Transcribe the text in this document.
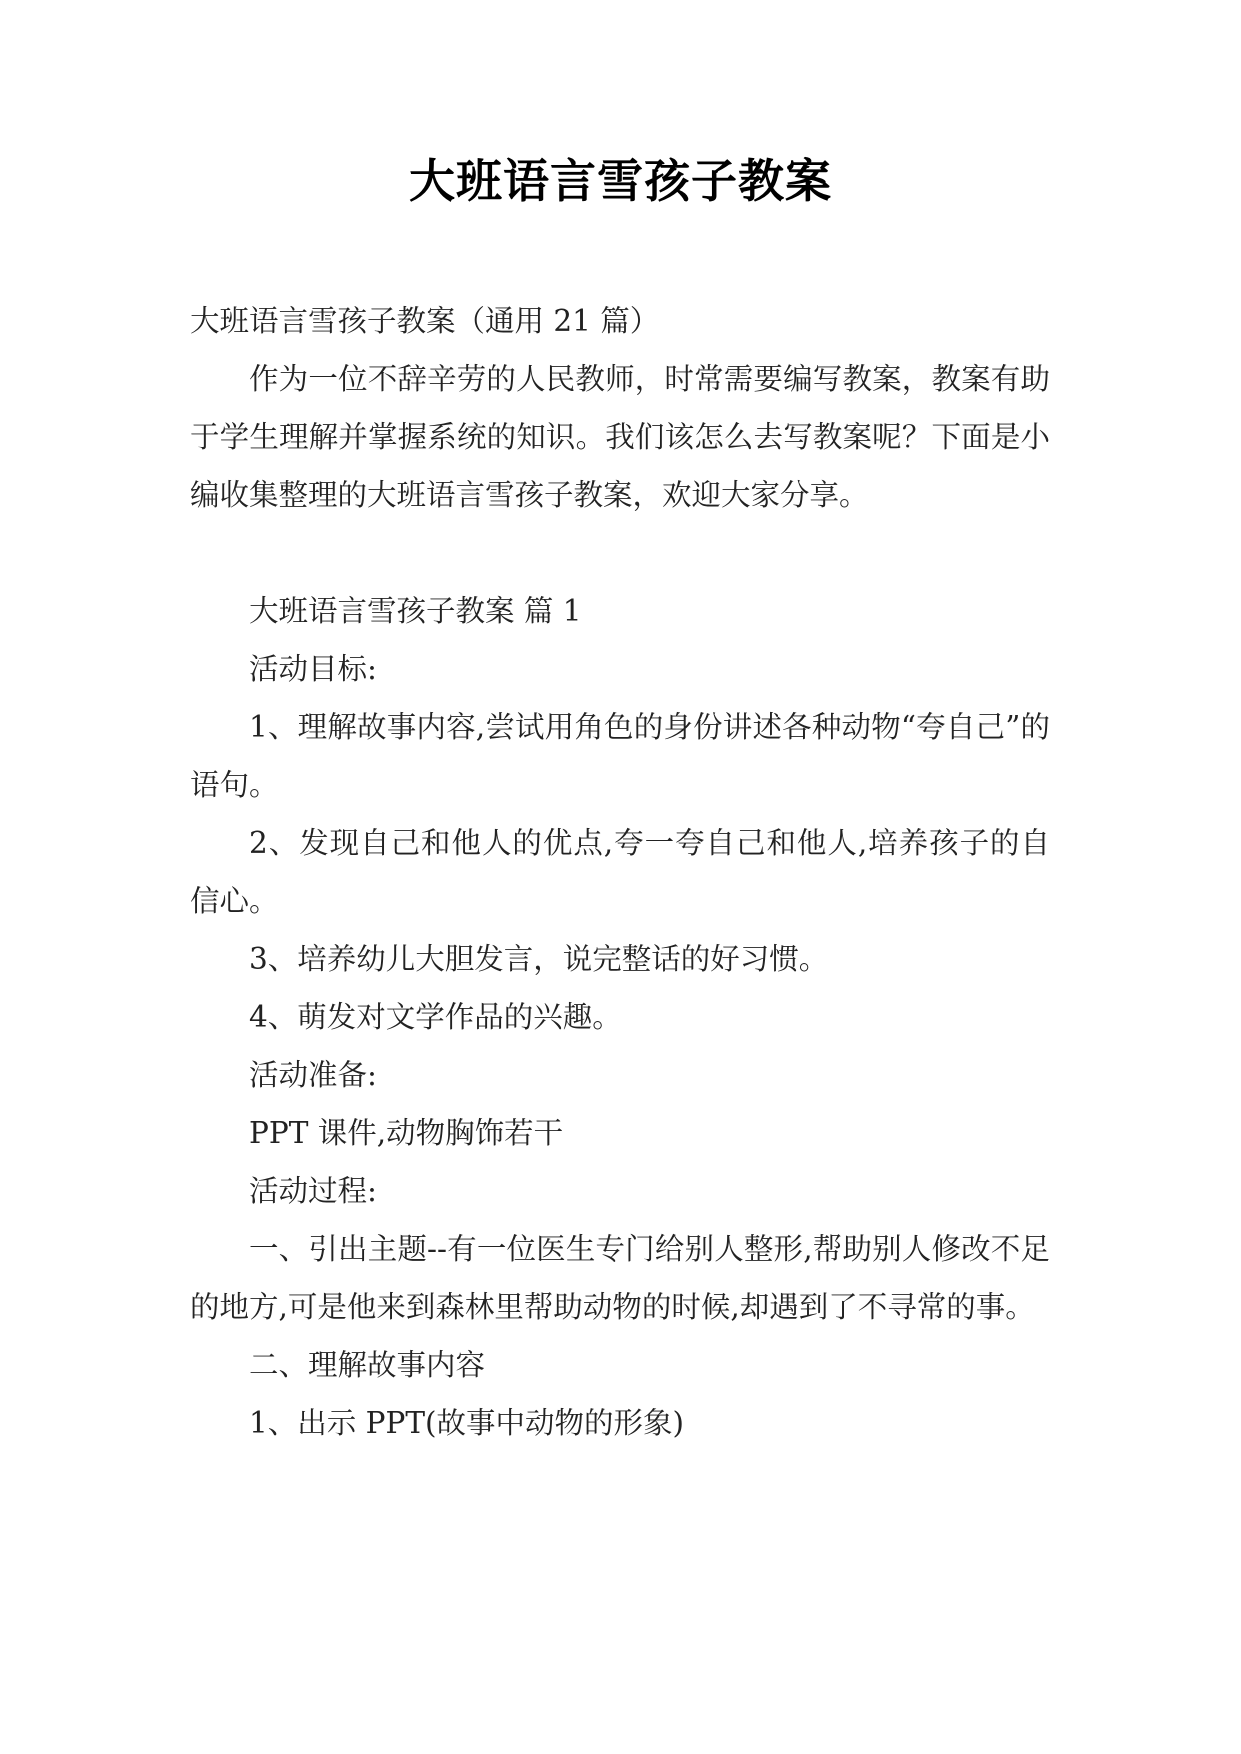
大班语言雪孩子教案

大班语言雪孩子教案（通用 21 篇）

作为一位不辞辛劳的人民教师，时常需要编写教案，教案有助于学生理解并掌握系统的知识。我们该怎么去写教案呢？下面是小编收集整理的大班语言雪孩子教案，欢迎大家分享。

大班语言雪孩子教案 篇 1

活动目标:

1、理解故事内容,尝试用角色的身份讲述各种动物“夸自己”的语句。

2、发现自己和他人的优点,夸一夸自己和他人,培养孩子的自信心。

3、培养幼儿大胆发言，说完整话的好习惯。

4、萌发对文学作品的兴趣。

活动准备:

PPT 课件,动物胸饰若干

活动过程:

一、引出主题--有一位医生专门给别人整形,帮助别人修改不足的地方,可是他来到森林里帮助动物的时候,却遇到了不寻常的事。

二、理解故事内容

1、出示 PPT(故事中动物的形象)
